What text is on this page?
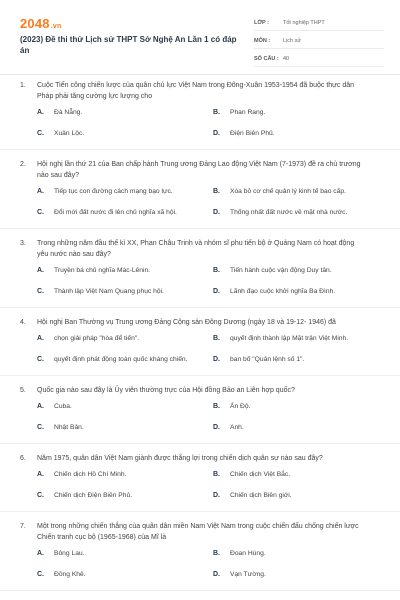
2048.vn
(2023) Đề thi thử Lịch sử THPT Sở Nghệ An Lần 1 có đáp án
LỚP :	Tốt nghiệp THPT
MÔN :	Lịch sử
SỐ CÂU : 40
1.	Cuộc Tiến công chiến lược của quân chủ lực Việt Nam trong Đông-Xuân 1953-1954 đã buộc thực dân Pháp phải tăng cường lực lượng cho
A.	Đà Nẵng.	B.	Phan Rang.
C.	Xuân Lộc.	D.	Điện Biên Phủ.
2.	Hội nghị lần thứ 21 của Ban chấp hành Trung ương Đảng Lao động Việt Nam (7-1973) đề ra chủ trương nào sau đây?
A.	Tiếp tục con đường cách mạng bạo lực.	B.	Xóa bỏ cơ chế quản lý kinh tế bao cấp.
C.	Đổi mới đất nước đi lên chủ nghĩa xã hội.	D.	Thống nhất đất nước về mặt nhà nước.
3.	Trong những năm đầu thế kỉ XX, Phan Châu Trinh và nhóm sĩ phu tiến bộ ở Quảng Nam có hoạt động yêu nước nào sau đây?
A.	Truyền bá chủ nghĩa Mác-Lênin.	B.	Tiến hành cuộc vận động Duy tân.
C.	Thành lập Việt Nam Quang phục hội.	D.	Lãnh đạo cuộc khởi nghĩa Ba Đình.
4.	Hội nghị Ban Thường vụ Trung ương Đảng Cộng sản Đông Dương (ngày 18 và 19-12- 1946) đã
A.	chọn giải pháp "hòa để tiến".	B.	quyết định thành lập Mặt trận Việt Minh.
C.	quyết định phát động toàn quốc kháng chiến.	D.	ban bố "Quân lệnh số 1".
5.	Quốc gia nào sau đây là Ủy viên thường trực của Hội đồng Bảo an Liên hợp quốc?
A.	Cuba.	B.	Ấn Độ.
C.	Nhật Bản.	D.	Anh.
6.	Năm 1975, quân dân Việt Nam giành được thắng lợi trong chiến dịch quân sự nào sau đây?
A.	Chiến dịch Hồ Chí Minh.	B.	Chiến dịch Việt Bắc.
C.	Chiến dịch Điện Biên Phủ.	D.	Chiến dịch Biên giới.
7.	Một trong những chiến thắng của quân dân miền Nam Việt Nam trong cuộc chiến đấu chống chiến lược Chiến tranh cục bộ (1965-1968) của Mĩ là
A.	Bông Lau.	B.	Đoan Hùng.
C.	Đồng Khê.	D.	Vạn Tường.
